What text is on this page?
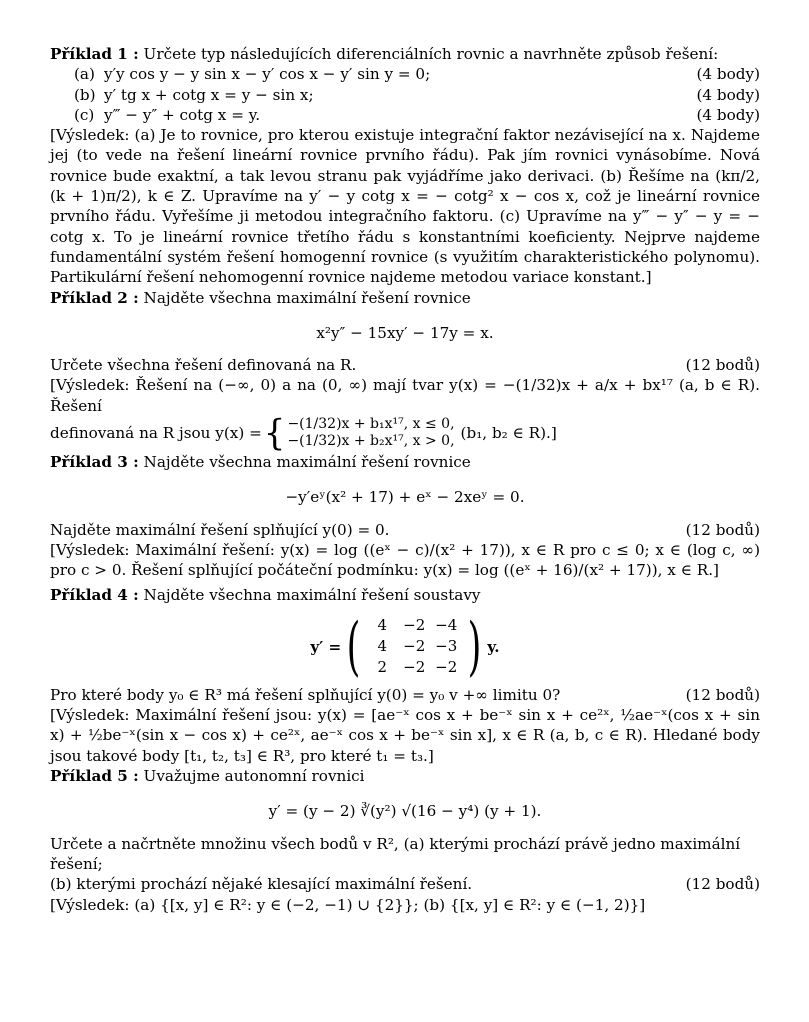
Příklad 1 : Určete typ následujících diferenciálních rovnic a navrhněte způsob řešení:

(a) y′y cos y − y sin x − y′ cos x − y′ sin y = 0;	(4 body)
(b) y′ tg x + cotg x = y − sin x;	(4 body)
(c) y‴ − y″ + cotg x = y.	(4 body)

[Výsledek: (a) Je to rovnice, pro kterou existuje integrační faktor nezávisející na x. Najdeme jej (to vede na řešení lineární rovnice prvního řádu). Pak jím rovnici vynásobíme. Nová rovnice bude exaktní, a tak levou stranu pak vyjádříme jako derivaci. (b) Řešíme na (kπ/2, (k + 1)π/2), k ∈ Z. Upravíme na y′ − y cotg x = − cotg² x − cos x, což je lineární rovnice prvního řádu. Vyřešíme ji metodou integračního faktoru. (c) Upravíme na y‴ − y″ − y = − cotg x. To je lineární rovnice třetího řádu s konstantními koeficienty. Nejprve najdeme fundamentální systém řešení homogenní rovnice (s využitím charakteristického polynomu). Partikulární řešení nehomogenní rovnice najdeme metodou variace konstant.]

Příklad 2 : Najděte všechna maximální řešení rovnice

x²y″ − 15xy′ − 17y = x.
Určete všechna řešení definovaná na R.	(12 bodů)

[Výsledek: Řešení na (−∞, 0) a na (0, ∞) mají tvar y(x) = −(1/32)x + a/x + bx¹⁷ (a, b ∈ R). Řešení

definovaná na R jsou y(x) = { −(1/32)x + b₁x¹⁷, x ≤ 0,
−(1/32)x + b₂x¹⁷, x > 0, (b₁, b₂ ∈ R).]

Příklad 3 : Najděte všechna maximální řešení rovnice

−y′eʸ(x² + 17) + eˣ − 2xeʸ = 0.
Najděte maximální řešení splňující y(0) = 0.	(12 bodů)

[Výsledek: Maximální řešení: y(x) = log ((eˣ − c)/(x² + 17)), x ∈ R pro c ≤ 0; x ∈ (log c, ∞) pro c > 0. Řešení splňující počáteční podmínku: y(x) = log ((eˣ + 16)/(x² + 17)), x ∈ R.]

Příklad 4 : Najděte všechna maximální řešení soustavy

y′ = (	4	−2 −4
4	−2 −3
2	−2 −2 ) y.
Pro které body y₀ ∈ R³ má řešení splňující y(0) = y₀ v +∞ limitu 0?	(12 bodů)

[Výsledek: Maximální řešení jsou: y(x) = [ae⁻ˣ cos x + be⁻ˣ sin x + ce²ˣ, ½ae⁻ˣ(cos x + sin x) + ½be⁻ˣ(sin x − cos x) + ce²ˣ, ae⁻ˣ cos x + be⁻ˣ sin x], x ∈ R (a, b, c ∈ R). Hledané body jsou takové body [t₁, t₂, t₃] ∈ R³, pro které t₁ = t₃.]

Příklad 5 : Uvažujme autonomní rovnici

y′ = (y − 2) ∛(y²) √(16 − y⁴) (y + 1).

Určete a načrtněte množinu všech bodů v R², (a) kterými prochází právě jedno maximální řešení;

(b) kterými prochází nějaké klesající maximální řešení.	(12 bodů)

[Výsledek: (a) {[x, y] ∈ R²: y ∈ (−2, −1) ∪ {2}}; (b) {[x, y] ∈ R²: y ∈ (−1, 2)}]
